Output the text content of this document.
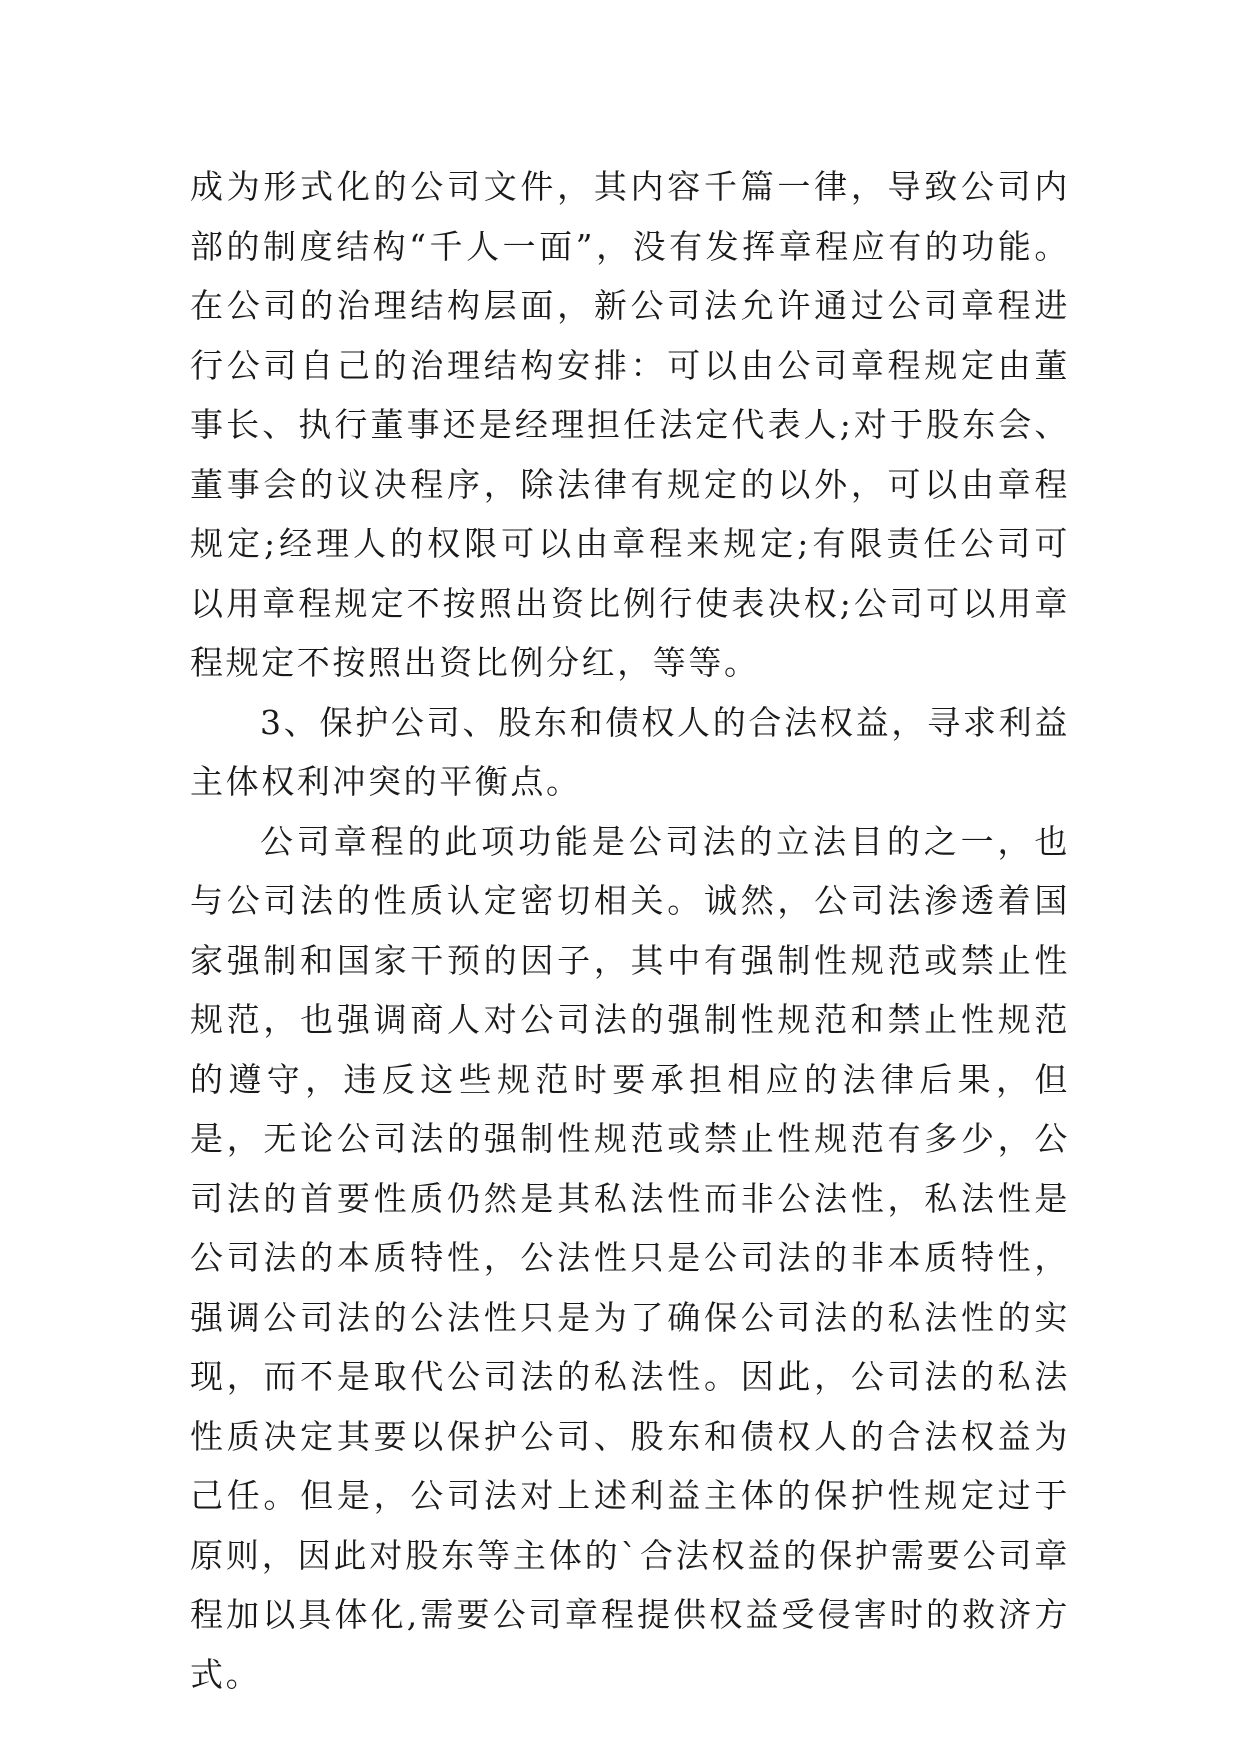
成为形式化的公司文件，其内容千篇一律，导致公司内部的制度结构“千人一面”，没有发挥章程应有的功能。在公司的治理结构层面，新公司法允许通过公司章程进行公司自己的治理结构安排：可以由公司章程规定由董事长、执行董事还是经理担任法定代表人;对于股东会、董事会的议决程序，除法律有规定的以外，可以由章程规定;经理人的权限可以由章程来规定;有限责任公司可以用章程规定不按照出资比例行使表决权;公司可以用章程规定不按照出资比例分红，等等。

3、保护公司、股东和债权人的合法权益，寻求利益主体权利冲突的平衡点。

公司章程的此项功能是公司法的立法目的之一，也与公司法的性质认定密切相关。诚然，公司法渗透着国家强制和国家干预的因子，其中有强制性规范或禁止性规范，也强调商人对公司法的强制性规范和禁止性规范的遵守，违反这些规范时要承担相应的法律后果，但是，无论公司法的强制性规范或禁止性规范有多少，公司法的首要性质仍然是其私法性而非公法性，私法性是公司法的本质特性，公法性只是公司法的非本质特性，强调公司法的公法性只是为了确保公司法的私法性的实现，而不是取代公司法的私法性。因此，公司法的私法性质决定其要以保护公司、股东和债权人的合法权益为己任。但是，公司法对上述利益主体的保护性规定过于原则，因此对股东等主体的`合法权益的保护需要公司章程加以具体化,需要公司章程提供权益受侵害时的救济方式。
